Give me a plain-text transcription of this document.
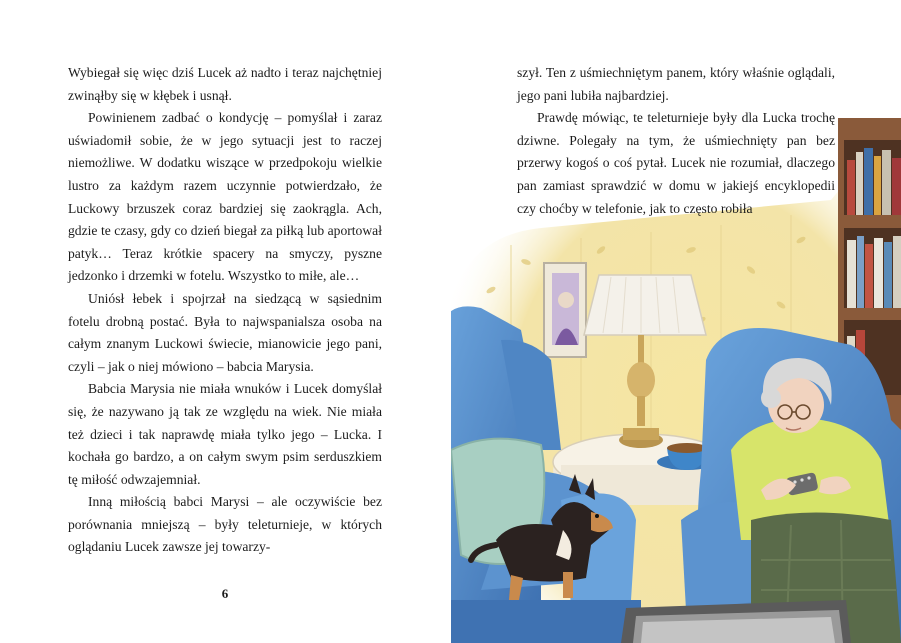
Wybiegał się więc dziś Lucek aż nadto i teraz najchętniej zwinąłby się w kłębek i usnął.

Powinienem zadbać o kondycję – pomyślał i zaraz uświadomił sobie, że w jego sytuacji jest to raczej niemożliwe. W dodatku wiszące w przedpokoju wielkie lustro za każdym razem uczynnie potwierdzało, że Luckowy brzuszek coraz bardziej się zaokrągla. Ach, gdzie te czasy, gdy co dzień biegał za piłką lub aportował patyk… Teraz krótkie spacery na smyczy, pyszne jedzonko i drzemki w fotelu. Wszystko to miłe, ale…

Uniósł łebek i spojrzał na siedzącą w sąsiednim fotelu drobną postać. Była to najwspanialsza osoba na całym znanym Luckowi świecie, mianowicie jego pani, czyli – jak o niej mówiono – babcia Marysia.

Babcia Marysia nie miała wnuków i Lucek domyślał się, że nazywano ją tak ze względu na wiek. Nie miała też dzieci i tak naprawdę miała tylko jego – Lucka. I kochała go bardzo, a on całym swym psim serduszkiem tę miłość odwzajemniał.

Inną miłością babci Marysi – ale oczywiście bez porównania mniejszą – były teleturnieje, w których oglądaniu Lucek zawsze jej towarzy-

6

szył. Ten z uśmiechniętym panem, który właśnie oglądali, jego pani lubiła najbardziej.

Prawdę mówiąc, te teleturnieje były dla Lucka trochę dziwne. Polegały na tym, że uśmiechnięty pan bez przerwy kogoś o coś pytał. Lucek nie rozumiał, dlaczego pan zamiast sprawdzić w domu w jakiejś encyklopedii czy choćby w telefonie, jak to często robiła
